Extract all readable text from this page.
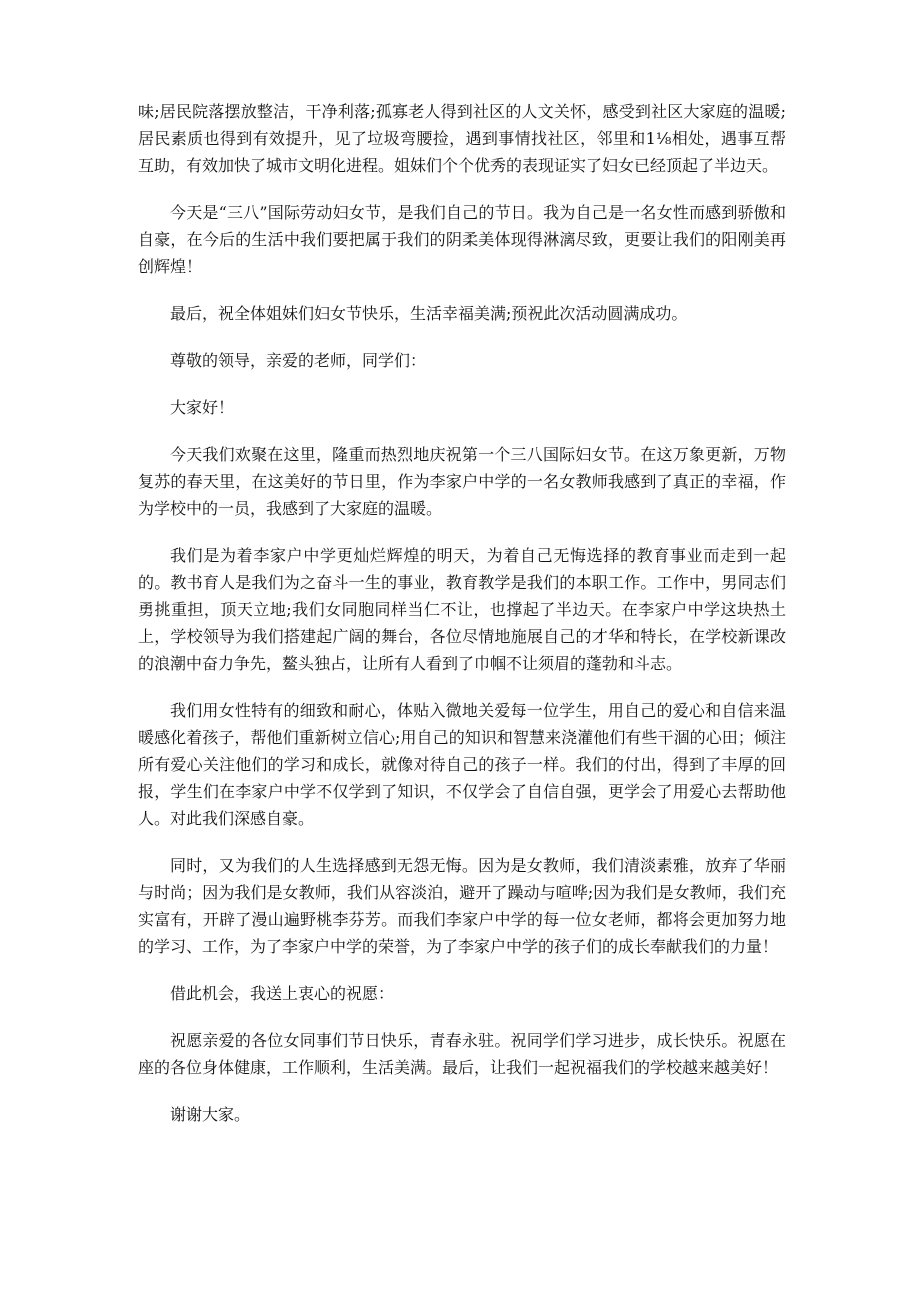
味;居民院落摆放整洁，干净利落;孤寡老人得到社区的人文关怀，感受到社区大家庭的温暖;居民素质也得到有效提升，见了垃圾弯腰捡，遇到事情找社区，邻里和1⅛相处，遇事互帮互助，有效加快了城市文明化进程。姐妹们个个优秀的表现证实了妇女已经顶起了半边天。

今天是“三八”国际劳动妇女节，是我们自己的节日。我为自己是一名女性而感到骄傲和自豪，在今后的生活中我们要把属于我们的阴柔美体现得淋漓尽致，更要让我们的阳刚美再创辉煌！

最后，祝全体姐妹们妇女节快乐，生活幸福美满;预祝此次活动圆满成功。

尊敬的领导，亲爱的老师，同学们：

大家好！

今天我们欢聚在这里，隆重而热烈地庆祝第一个三八国际妇女节。在这万象更新，万物复苏的春天里，在这美好的节日里，作为李家户中学的一名女教师我感到了真正的幸福，作为学校中的一员，我感到了大家庭的温暖。

我们是为着李家户中学更灿烂辉煌的明天，为着自己无悔选择的教育事业而走到一起的。教书育人是我们为之奋斗一生的事业，教育教学是我们的本职工作。工作中，男同志们勇挑重担，顶天立地;我们女同胞同样当仁不让，也撑起了半边天。在李家户中学这块热土上，学校领导为我们搭建起广阔的舞台，各位尽情地施展自己的才华和特长，在学校新课改的浪潮中奋力争先，鳌头独占，让所有人看到了巾帼不让须眉的蓬勃和斗志。

我们用女性特有的细致和耐心，体贴入微地关爱每一位学生，用自己的爱心和自信来温暖感化着孩子，帮他们重新树立信心;用自己的知识和智慧来浇灌他们有些干涸的心田；倾注所有爱心关注他们的学习和成长，就像对待自己的孩子一样。我们的付出，得到了丰厚的回报，学生们在李家户中学不仅学到了知识，不仅学会了自信自强，更学会了用爱心去帮助他人。对此我们深感自豪。

同时，又为我们的人生选择感到无怨无悔。因为是女教师，我们清淡素雅，放弃了华丽与时尚；因为我们是女教师，我们从容淡泊，避开了躁动与喧哗;因为我们是女教师，我们充实富有，开辟了漫山遍野桃李芬芳。而我们李家户中学的每一位女老师，都将会更加努力地的学习、工作，为了李家户中学的荣誉，为了李家户中学的孩子们的成长奉献我们的力量！

借此机会，我送上衷心的祝愿：

祝愿亲爱的各位女同事们节日快乐，青春永驻。祝同学们学习进步，成长快乐。祝愿在座的各位身体健康，工作顺利，生活美满。最后，让我们一起祝福我们的学校越来越美好！

谢谢大家。
